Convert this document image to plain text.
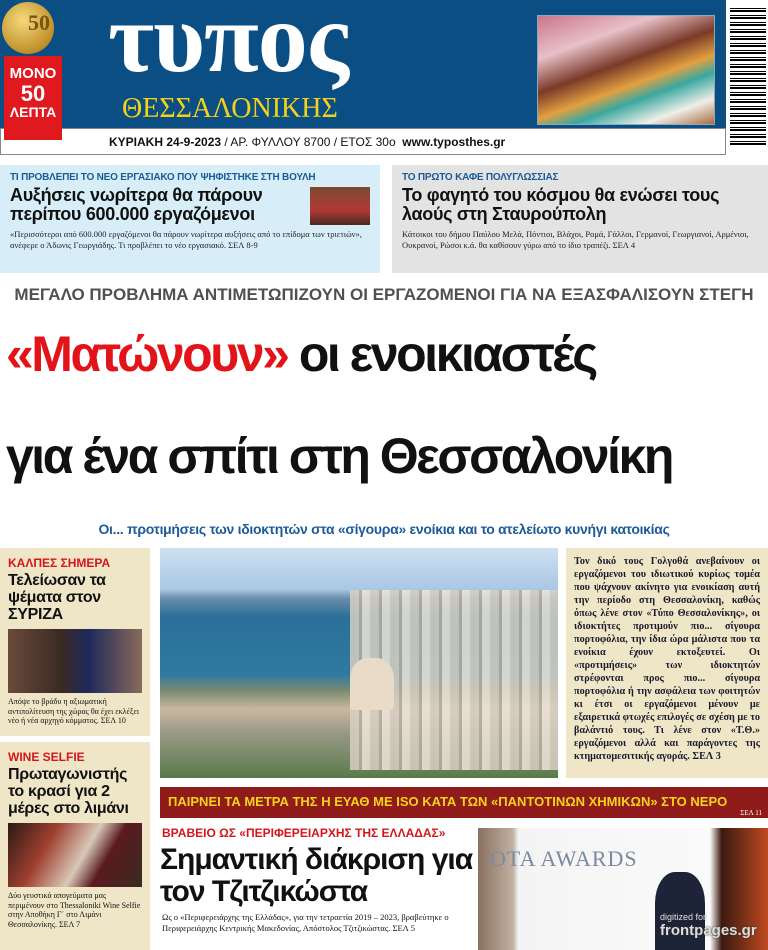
50
ΜΟΝΟ
50
ΛΕΠΤΑ
τυπος
ΘΕΣΣΑΛΟΝΙΚΗΣ
ΚΥΡΙΑΚΗ 24-9-2023 / ΑΡ. ΦΥΛΛΟΥ 8700 / ΕΤΟΣ 30ο www.typosthes.gr
ΤΙ ΠΡΟΒΛΕΠΕΙ ΤΟ ΝΕΟ ΕΡΓΑΣΙΑΚΟ ΠΟΥ ΨΗΦΙΣΤΗΚΕ ΣΤΗ ΒΟΥΛΗ
Αυξήσεις νωρίτερα θα πάρουν περίπου 600.000 εργαζόμενοι
«Περισσότεροι από 600.000 εργαζόμενοι θα πάρουν νωρίτερα αυξήσεις από το επίδομα των τριετιών», ανέφερε ο Άδωνις Γεωργιάδης. Τι προβλέπει το νέο εργασιακό. ΣΕΛ 8-9
ΤΟ ΠΡΩΤΟ ΚΑΦΕ ΠΟΛΥΓΛΩΣΣΙΑΣ
Το φαγητό του κόσμου θα ενώσει τους λαούς στη Σταυρούπολη
Κάτοικοι του δήμου Παύλου Μελά, Πόντιοι, Βλάχοι, Ρομά, Γάλλοι, Γερμανοί, Γεωργιανοί, Αρμένιοι, Ουκρανοί, Ρώσοι κ.ά. θα καθίσουν γύρω από το ίδιο τραπέζι. ΣΕΛ 4
ΜΕΓΑΛΟ ΠΡΟΒΛΗΜΑ ΑΝΤΙΜΕΤΩΠΙΖΟΥΝ ΟΙ ΕΡΓΑΖΟΜΕΝΟΙ ΓΙΑ ΝΑ ΕΞΑΣΦΑΛΙΣΟΥΝ ΣΤΕΓΗ
«Ματώνουν» οι ενοικιαστές
για ένα σπίτι στη Θεσσαλονίκη
Οι... προτιμήσεις των ιδιοκτητών στα «σίγουρα» ενοίκια και το ατελείωτο κυνήγι κατοικίας
ΚΑΛΠΕΣ ΣΗΜΕΡΑ
Τελείωσαν τα ψέματα στον ΣΥΡΙΖΑ
Απόψε το βράδυ η αξιωματική αντιπολίτευση της χώρας θα έχει εκλέξει νέο ή νέα αρχηγό κόμματος. ΣΕΛ 10
WINE SELFIE
Πρωταγωνιστής το κρασί για 2 μέρες στο λιμάνι
Δύο γευστικά απογεύματα μας περιμένουν στο Thessaloniki Wine Selfie στην Αποθήκη Γ΄ στο Λιμάνι Θεσσαλονίκης. ΣΕΛ 7
Τον δικό τους Γολγοθά ανεβαίνουν οι εργαζόμενοι του ιδιωτικού κυρίως τομέα που ψάχνουν ακίνητο για ενοικίαση αυτή την περίοδο στη Θεσσαλονίκη, καθώς όπως λένε στον «Τύπο Θεσσαλονίκης», οι ιδιοκτήτες προτιμούν πιο... σίγουρα πορτοφόλια, την ίδια ώρα μάλιστα που τα ενοίκια έχουν εκτοξευτεί. Οι «προτιμήσεις» των ιδιοκτητών στρέφονται προς πιο... σίγουρα πορτοφόλια ή την ασφάλεια των φοιτητών κι έτσι οι εργαζόμενοι μένουν με εξαιρετικά φτωχές επιλογές σε σχέση με το βαλάντιό τους. Τι λένε στον «Τ.Θ.» εργαζόμενοι αλλά και παράγοντες της κτηματομεσιτικής αγοράς. ΣΕΛ 3
ΠΑΙΡΝΕΙ ΤΑ ΜΕΤΡΑ ΤΗΣ Η ΕΥΑΘ ΜΕ ISO ΚΑΤΑ ΤΩΝ «ΠΑΝΤΟΤΙΝΩΝ ΧΗΜΙΚΩΝ» ΣΤΟ ΝΕΡΟ
ΣΕΛ 11
ΒΡΑΒΕΙΟ ΩΣ «ΠΕΡΙΦΕΡΕΙΑΡΧΗΣ ΤΗΣ ΕΛΛΑΔΑΣ»
Σημαντική διάκριση για τον Τζιτζικώστα
Ως ο «Περιφερειάρχης της Ελλάδας», για την τετραετία 2019 – 2023, βραβεύτηκε ο Περιφερειάρχης Κεντρικής Μακεδονίας, Απόστολος Τζιτζικώστας. ΣΕΛ 5
OTA AWARDS
digitized for
frontpages.gr
